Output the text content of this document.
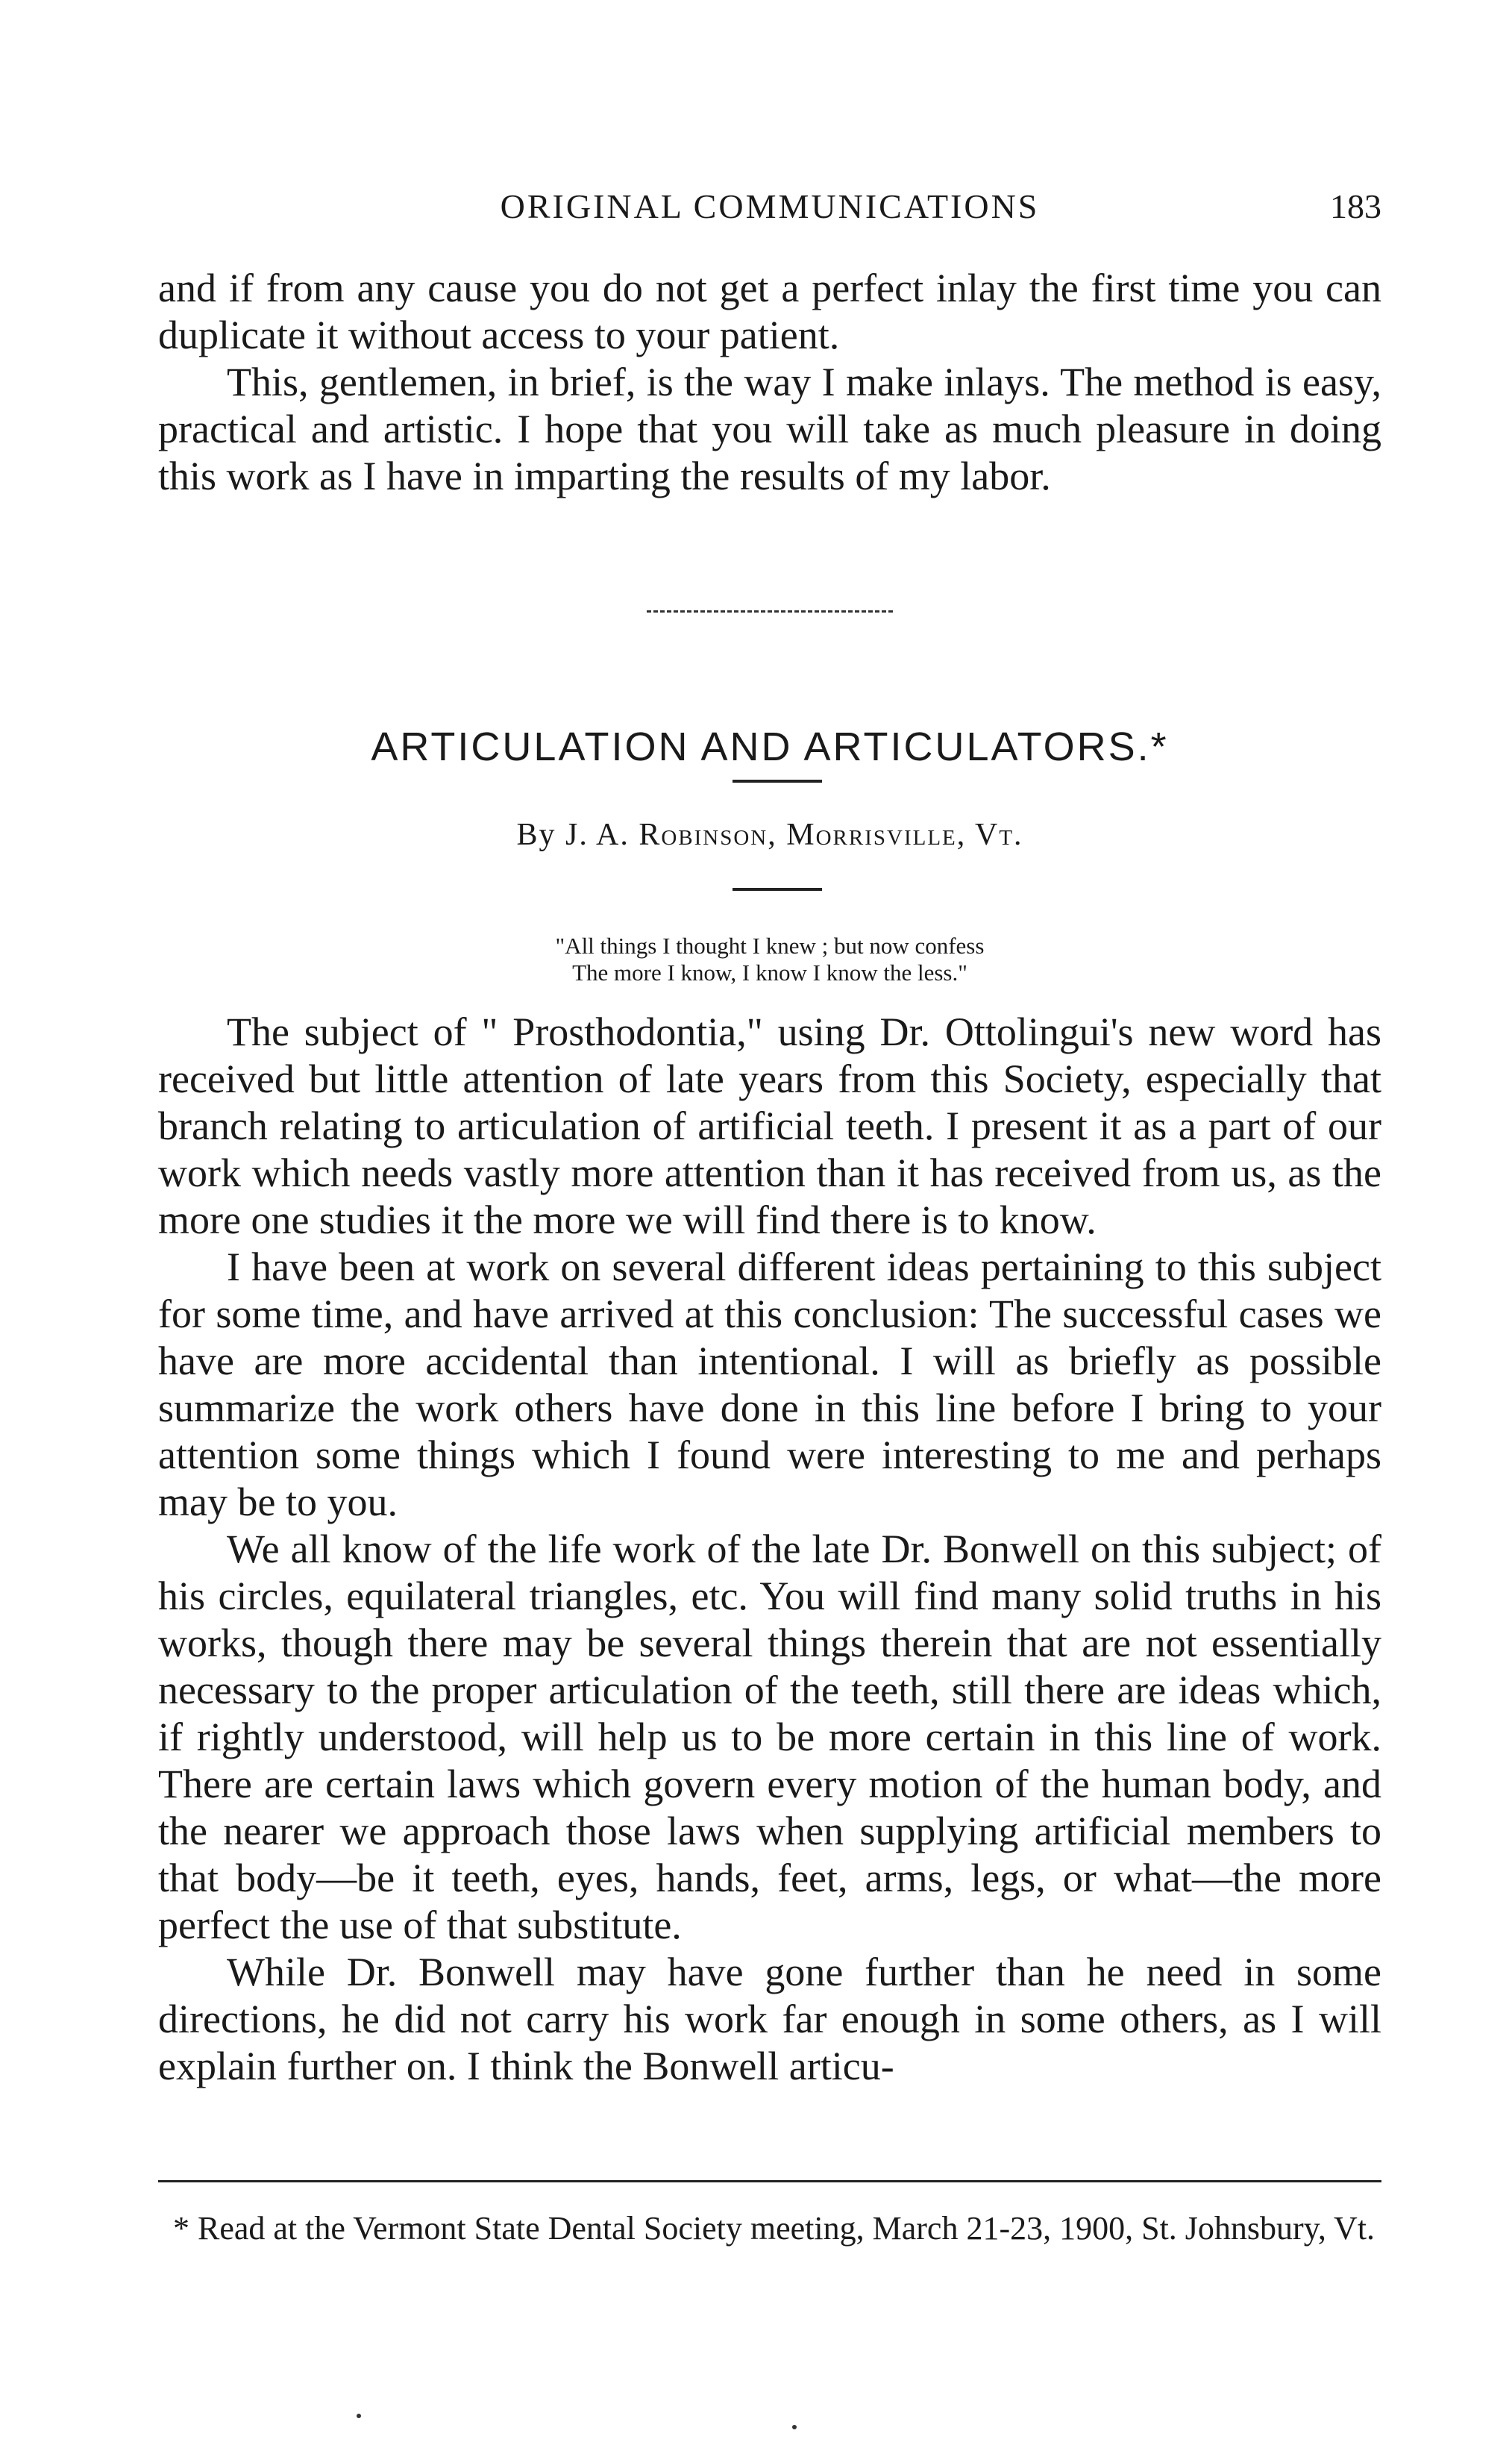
ORIGINAL COMMUNICATIONS	183

and if from any cause you do not get a perfect inlay the first time you can duplicate it without access to your patient.

This, gentlemen, in brief, is the way I make inlays. The method is easy, practical and artistic. I hope that you will take as much pleasure in doing this work as I have in imparting the results of my labor.

ARTICULATION AND ARTICULATORS.*
By J. A. Robinson, Morrisville, Vt.
"All things I thought I knew ; but now confess
The more I know, I know I know the less."

The subject of " Prosthodontia," using Dr. Ottolingui's new word has received but little attention of late years from this Society, especially that branch relating to articulation of artificial teeth. I present it as a part of our work which needs vastly more attention than it has received from us, as the more one studies it the more we will find there is to know.

I have been at work on several different ideas pertaining to this subject for some time, and have arrived at this conclusion: The successful cases we have are more accidental than intentional. I will as briefly as possible summarize the work others have done in this line before I bring to your attention some things which I found were interesting to me and perhaps may be to you.

We all know of the life work of the late Dr. Bonwell on this subject; of his circles, equilateral triangles, etc. You will find many solid truths in his works, though there may be several things therein that are not essentially necessary to the proper articulation of the teeth, still there are ideas which, if rightly understood, will help us to be more certain in this line of work. There are certain laws which govern every motion of the human body, and the nearer we approach those laws when supplying artificial members to that body—be it teeth, eyes, hands, feet, arms, legs, or what—the more perfect the use of that substitute.

While Dr. Bonwell may have gone further than he need in some directions, he did not carry his work far enough in some others, as I will explain further on. I think the Bonwell articu-

* Read at the Vermont State Dental Society meeting, March 21-23, 1900, St. Johnsbury, Vt.
